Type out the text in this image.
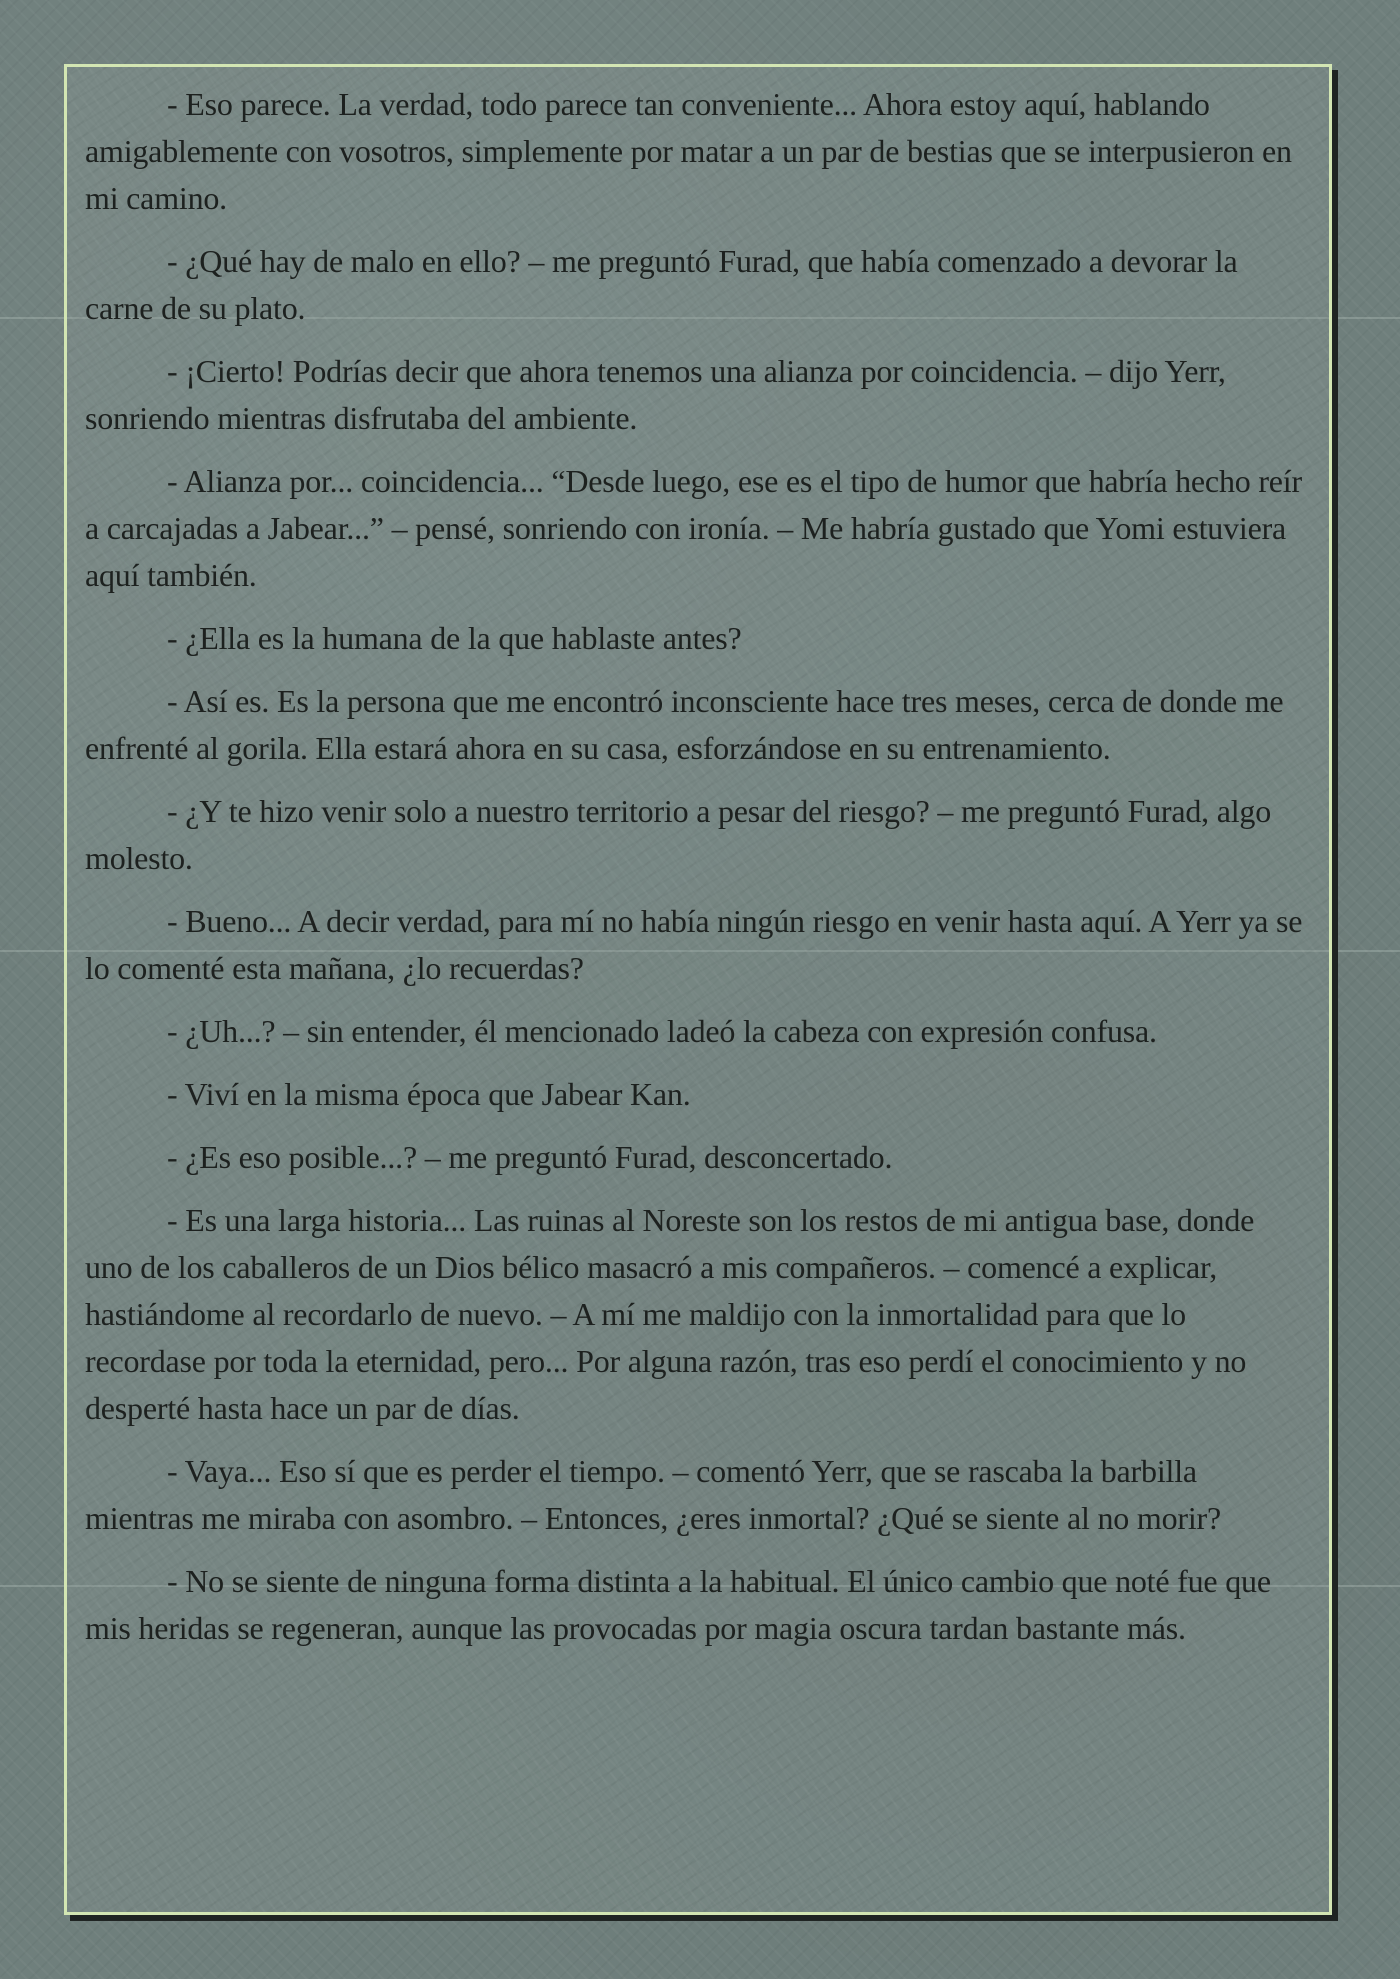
- Eso parece. La verdad, todo parece tan conveniente... Ahora estoy aquí, hablando amigablemente con vosotros, simplemente por matar a un par de bestias que se interpusieron en mi camino.

- ¿Qué hay de malo en ello? – me preguntó Furad, que había comenzado a devorar la carne de su plato.

- ¡Cierto! Podrías decir que ahora tenemos una alianza por coincidencia. – dijo Yerr, sonriendo mientras disfrutaba del ambiente.

- Alianza por... coincidencia... “Desde luego, ese es el tipo de humor que habría hecho reír a carcajadas a Jabear...” – pensé, sonriendo con ironía. – Me habría gustado que Yomi estuviera aquí también.

- ¿Ella es la humana de la que hablaste antes?

- Así es. Es la persona que me encontró inconsciente hace tres meses, cerca de donde me enfrenté al gorila. Ella estará ahora en su casa, esforzándose en su entrenamiento.

- ¿Y te hizo venir solo a nuestro territorio a pesar del riesgo? – me preguntó Furad, algo molesto.

- Bueno... A decir verdad, para mí no había ningún riesgo en venir hasta aquí. A Yerr ya se lo comenté esta mañana, ¿lo recuerdas?

- ¿Uh...? – sin entender, él mencionado ladeó la cabeza con expresión confusa.

- Viví en la misma época que Jabear Kan.

- ¿Es eso posible...? – me preguntó Furad, desconcertado.

- Es una larga historia... Las ruinas al Noreste son los restos de mi antigua base, donde uno de los caballeros de un Dios bélico masacró a mis compañeros. – comencé a explicar, hastiándome al recordarlo de nuevo. – A mí me maldijo con la inmortalidad para que lo recordase por toda la eternidad, pero... Por alguna razón, tras eso perdí el conocimiento y no desperté hasta hace un par de días.

- Vaya... Eso sí que es perder el tiempo. – comentó Yerr, que se rascaba la barbilla mientras me miraba con asombro. – Entonces, ¿eres inmortal? ¿Qué se siente al no morir?

- No se siente de ninguna forma distinta a la habitual. El único cambio que noté fue que mis heridas se regeneran, aunque las provocadas por magia oscura tardan bastante más.
